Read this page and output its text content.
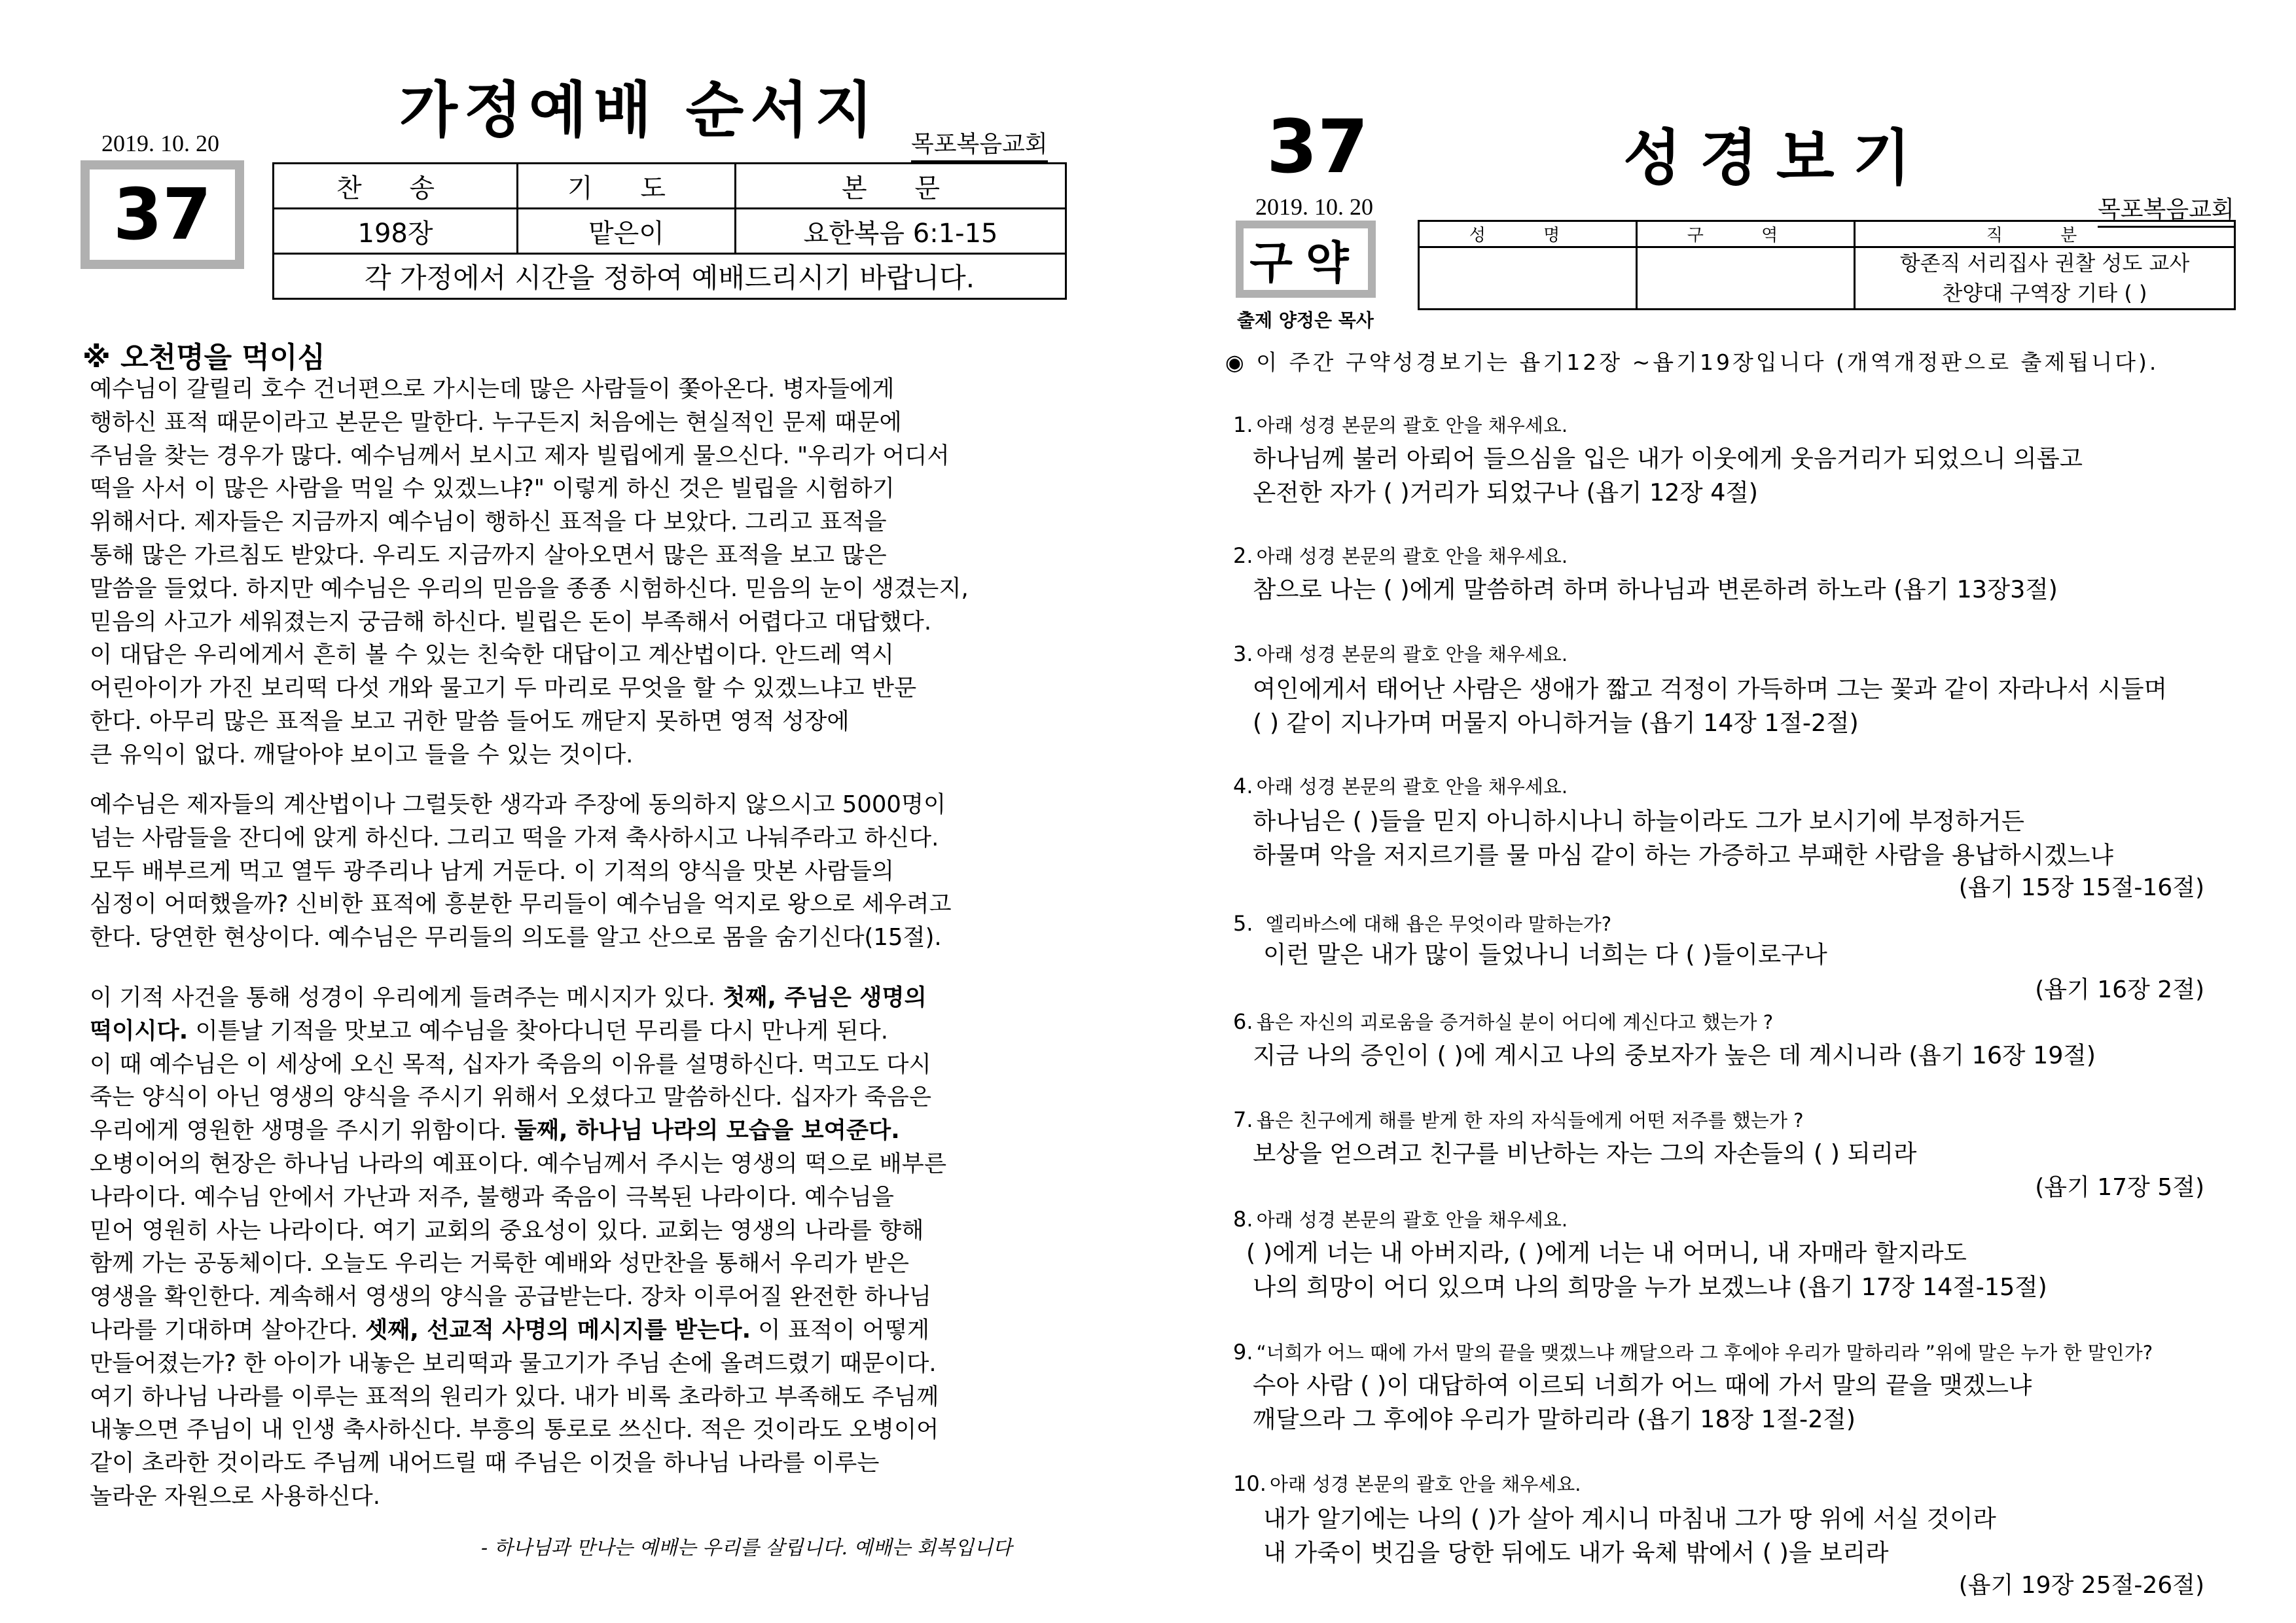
가정예배 순서지
2019. 10. 20	목포복음교회
37	찬 송	기 도	본 문
198장	맡은이	요한복음 6:1-15
각 가정에서 시간을 정하여 예배드리시기 바랍니다.		
※ 오천명을 먹이심
예수님이 갈릴리 호수 건너편으로 가시는데 많은 사람들이 쫓아온다. 병자들에게
행하신 표적 때문이라고 본문은 말한다. 누구든지 처음에는 현실적인 문제 때문에
주님을 찾는 경우가 많다. 예수님께서 보시고 제자 빌립에게 물으신다. "우리가 어디서
떡을 사서 이 많은 사람을 먹일 수 있겠느냐?" 이렇게 하신 것은 빌립을 시험하기
위해서다. 제자들은 지금까지 예수님이 행하신 표적을 다 보았다. 그리고 표적을
통해 많은 가르침도 받았다. 우리도 지금까지 살아오면서 많은 표적을 보고 많은
말씀을 들었다. 하지만 예수님은 우리의 믿음을 종종 시험하신다. 믿음의 눈이 생겼는지,
믿음의 사고가 세워졌는지 궁금해 하신다. 빌립은 돈이 부족해서 어렵다고 대답했다.
이 대답은 우리에게서 흔히 볼 수 있는 친숙한 대답이고 계산법이다. 안드레 역시
어린아이가 가진 보리떡 다섯 개와 물고기 두 마리로 무엇을 할 수 있겠느냐고 반문
한다. 아무리 많은 표적을 보고 귀한 말씀 들어도 깨닫지 못하면 영적 성장에
큰 유익이 없다. 깨달아야 보이고 들을 수 있는 것이다.
예수님은 제자들의 계산법이나 그럴듯한 생각과 주장에 동의하지 않으시고 5000명이
넘는 사람들을 잔디에 앉게 하신다. 그리고 떡을 가져 축사하시고 나눠주라고 하신다.
모두 배부르게 먹고 열두 광주리나 남게 거둔다. 이 기적의 양식을 맛본 사람들의
심정이 어떠했을까? 신비한 표적에 흥분한 무리들이 예수님을 억지로 왕으로 세우려고
한다. 당연한 현상이다. 예수님은 무리들의 의도를 알고 산으로 몸을 숨기신다(15절).
이 기적 사건을 통해 성경이 우리에게 들려주는 메시지가 있다. 첫째, 주님은 생명의
떡이시다. 이튿날 기적을 맛보고 예수님을 찾아다니던 무리를 다시 만나게 된다.
이 때 예수님은 이 세상에 오신 목적, 십자가 죽음의 이유를 설명하신다. 먹고도 다시
죽는 양식이 아닌 영생의 양식을 주시기 위해서 오셨다고 말씀하신다. 십자가 죽음은
우리에게 영원한 생명을 주시기 위함이다. 둘째, 하나님 나라의 모습을 보여준다.
오병이어의 현장은 하나님 나라의 예표이다. 예수님께서 주시는 영생의 떡으로 배부른
나라이다. 예수님 안에서 가난과 저주, 불행과 죽음이 극복된 나라이다. 예수님을
믿어 영원히 사는 나라이다. 여기 교회의 중요성이 있다. 교회는 영생의 나라를 향해
함께 가는 공동체이다. 오늘도 우리는 거룩한 예배와 성만찬을 통해서 우리가 받은
영생을 확인한다. 계속해서 영생의 양식을 공급받는다. 장차 이루어질 완전한 하나님
나라를 기대하며 살아간다. 셋째, 선교적 사명의 메시지를 받는다. 이 표적이 어떻게
만들어졌는가? 한 아이가 내놓은 보리떡과 물고기가 주님 손에 올려드렸기 때문이다.
여기 하나님 나라를 이루는 표적의 원리가 있다. 내가 비록 초라하고 부족해도 주님께
내놓으면 주님이 내 인생 축사하신다. 부흥의 통로로 쓰신다. 적은 것이라도 오병이어
같이 초라한 것이라도 주님께 내어드릴 때 주님은 이것을 하나님 나라를 이루는
놀라운 자원으로 사용하신다.
- 하나님과 만나는 예배는 우리를 살립니다. 예배는 회복입니다
37	성경보기
2019. 10. 20	목포복음교회
구약
출제 양정은 목사
성 명	구 역	직 분

		항존직 서리집사 권찰 성도 교사
찬양대 구역장 기타 ( )
◉ 이 주간 구약성경보기는 욥기12장 ~욥기19장입니다 (개역개정판으로 출제됩니다).
1. 아래 성경 본문의 괄호 안을 채우세요.
하나님께 불러 아뢰어 들으심을 입은 내가 이웃에게 웃음거리가 되었으니 의롭고
온전한 자가 ( )거리가 되었구나 (욥기 12장 4절)
2. 아래 성경 본문의 괄호 안을 채우세요.
참으로 나는 ( )에게 말씀하려 하며 하나님과 변론하려 하노라 (욥기 13장3절)
3. 아래 성경 본문의 괄호 안을 채우세요.
여인에게서 태어난 사람은 생애가 짧고 걱정이 가득하며 그는 꽃과 같이 자라나서 시들며
( ) 같이 지나가며 머물지 아니하거늘 (욥기 14장 1절-2절)
4. 아래 성경 본문의 괄호 안을 채우세요.
하나님은 ( )들을 믿지 아니하시나니 하늘이라도 그가 보시기에 부정하거든
하물며 악을 저지르기를 물 마심 같이 하는 가증하고 부패한 사람을 용납하시겠느냐
(욥기 15장 15절-16절)
5. 엘리바스에 대해 욥은 무엇이라 말하는가?
이런 말은 내가 많이 들었나니 너희는 다 ( )들이로구나
(욥기 16장 2절)
6. 욥은 자신의 괴로움을 증거하실 분이 어디에 계신다고 했는가 ?
지금 나의 증인이 ( )에 계시고 나의 중보자가 높은 데 계시니라 (욥기 16장 19절)
7. 욥은 친구에게 해를 받게 한 자의 자식들에게 어떤 저주를 했는가 ?
보상을 얻으려고 친구를 비난하는 자는 그의 자손들의 ( ) 되리라
(욥기 17장 5절)
8. 아래 성경 본문의 괄호 안을 채우세요.
( )에게 너는 내 아버지라, ( )에게 너는 내 어머니, 내 자매라 할지라도
나의 희망이 어디 있으며 나의 희망을 누가 보겠느냐 (욥기 17장 14절-15절)
9. “너희가 어느 때에 가서 말의 끝을 맺겠느냐 깨달으라 그 후에야 우리가 말하리라 ”위에 말은 누가 한 말인가?
수아 사람 ( )이 대답하여 이르되 너희가 어느 때에 가서 말의 끝을 맺겠느냐
깨달으라 그 후에야 우리가 말하리라 (욥기 18장 1절-2절)
10. 아래 성경 본문의 괄호 안을 채우세요.
내가 알기에는 나의 ( )가 살아 계시니 마침내 그가 땅 위에 서실 것이라
내 가죽이 벗김을 당한 뒤에도 내가 육체 밖에서 ( )을 보리라
(욥기 19장 25절-26절)
